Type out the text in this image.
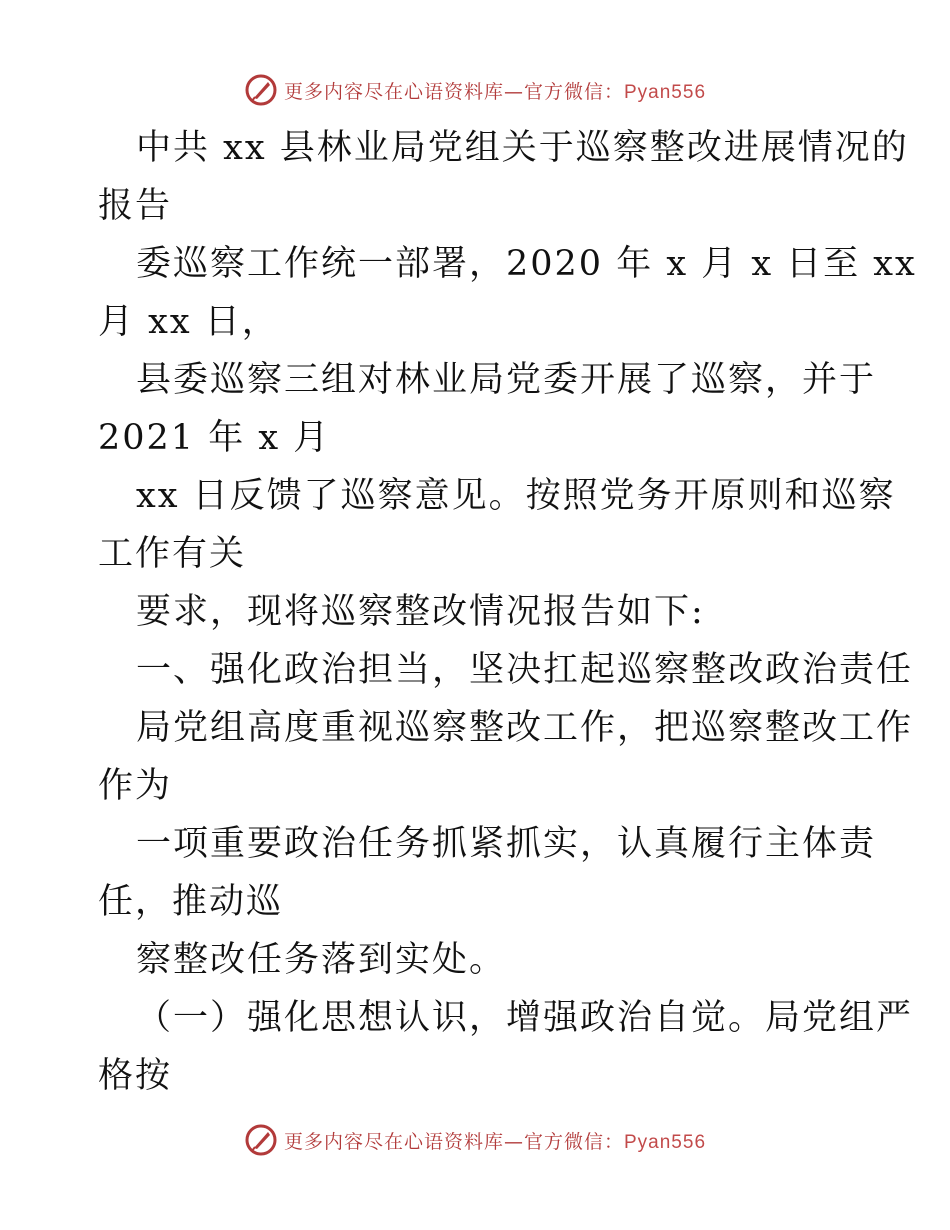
更多内容尽在心语资料库—官方微信：Pyan556
中共 xx 县林业局党组关于巡察整改进展情况的
报告
委巡察工作统一部署，2020 年 x 月 x 日至 xx
月 xx 日，
县委巡察三组对林业局党委开展了巡察，并于
2021 年 x 月
xx 日反馈了巡察意见。按照党务开原则和巡察
工作有关
要求，现将巡察整改情况报告如下:
一、强化政治担当，坚决扛起巡察整改政治责任
局党组高度重视巡察整改工作，把巡察整改工作
作为
一项重要政治任务抓紧抓实，认真履行主体责
任，推动巡
察整改任务落到实处。
（一）强化思想认识，增强政治自觉。局党组严
格按
更多内容尽在心语资料库—官方微信：Pyan556
